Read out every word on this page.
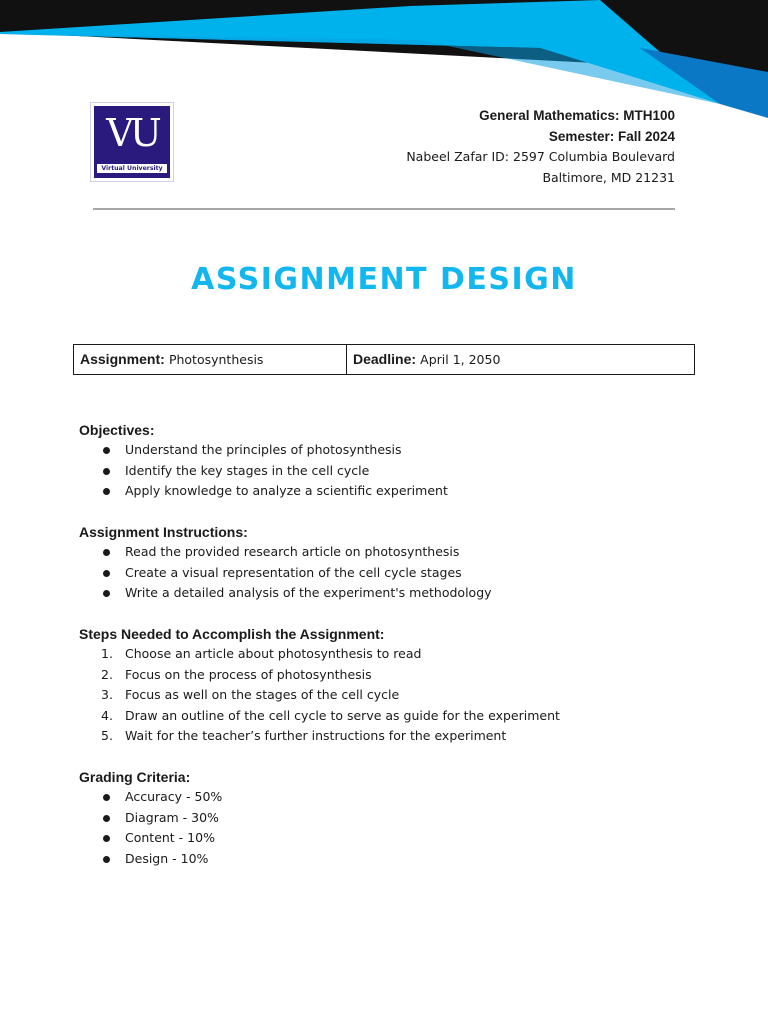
VU
Virtual University
General Mathematics: MTH100
Semester: Fall 2024
Nabeel Zafar ID: 2597 Columbia Boulevard
Baltimore, MD 21231
ASSIGNMENT DESIGN
Assignment: Photosynthesis	Deadline: April 1, 2050
Objectives:
Understand the principles of photosynthesis
Identify the key stages in the cell cycle
Apply knowledge to analyze a scientific experiment
Assignment Instructions:
Read the provided research article on photosynthesis
Create a visual representation of the cell cycle stages
Write a detailed analysis of the experiment's methodology
Steps Needed to Accomplish the Assignment:
1. Choose an article about photosynthesis to read
2. Focus on the process of photosynthesis
3. Focus as well on the stages of the cell cycle
4. Draw an outline of the cell cycle to serve as guide for the experiment
5. Wait for the teacher’s further instructions for the experiment
Grading Criteria:
Accuracy - 50%
Diagram - 30%
Content - 10%
Design - 10%
